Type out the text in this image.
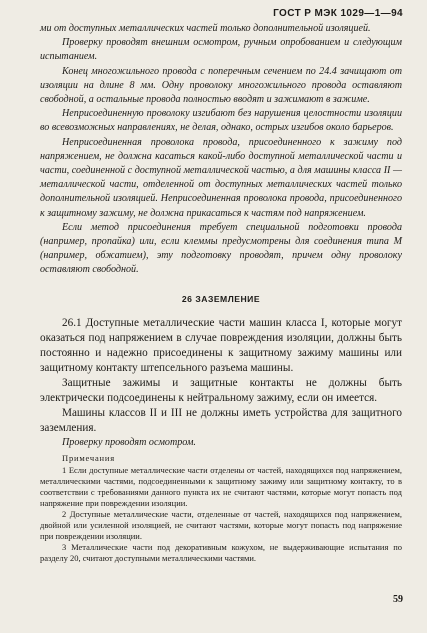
ГОСТ Р МЭК 1029—1—94

ми от доступных металлических частей только дополнительной изоляцией.

Проверку проводят внешним осмотром, ручным опробованием и следующим испытанием.

Конец многожильного провода с поперечным сечением по 24.4 зачищают от изоляции на длине 8 мм. Одну проволоку многожильного провода оставляют свободной, а остальные провода полностью вводят и зажимают в зажиме.

Неприсоединенную проволоку изгибают без нарушения целостности изоляции во всевозможных направлениях, не делая, однако, острых изгибов около барьеров.

Неприсоединенная проволока провода, присоединенного к зажиму под напряжением, не должна касаться какой-либо доступной металлической части и части, соединенной с доступной металлической частью, а для машины класса II — металлической части, отделенной от доступных металлических частей только дополнительной изоляцией. Неприсоединенная проволока провода, присоединенного к защитному зажиму, не должна прикасаться к частям под напряжением.

Если метод присоединения требует специальной подготовки провода (например, пропайка) или, если клеммы предусмотрены для соединения типа М (например, обжатием), эту подготовку проводят, причем одну проволоку оставляют свободной.

26 ЗАЗЕМЛЕНИЕ

26.1 Доступные металлические части машин класса I, которые могут оказаться под напряжением в случае повреждения изоляции, должны быть постоянно и надежно присоединены к защитному зажиму машины или защитному контакту штепсельного разъема машины.

Защитные зажимы и защитные контакты не должны быть электрически подсоединены к нейтральному зажиму, если он имеется.

Машины классов II и III не должны иметь устройства для защитного заземления.

Проверку проводят осмотром.

Примечания

1 Если доступные металлические части отделены от частей, находящихся под напряжением, металлическими частями, подсоединенными к защитному зажиму или защитному контакту, то в соответствии с требованиями данного пункта их не считают частями, которые могут попасть под напряжение при повреждении изоляции.

2 Доступные металлические части, отделенные от частей, находящихся под напряжением, двойной или усиленной изоляцией, не считают частями, которые могут попасть под напряжение при повреждении изоляции.

3 Металлические части под декоративным кожухом, не выдерживающие испытания по разделу 20, считают доступными металлическими частями.

59
